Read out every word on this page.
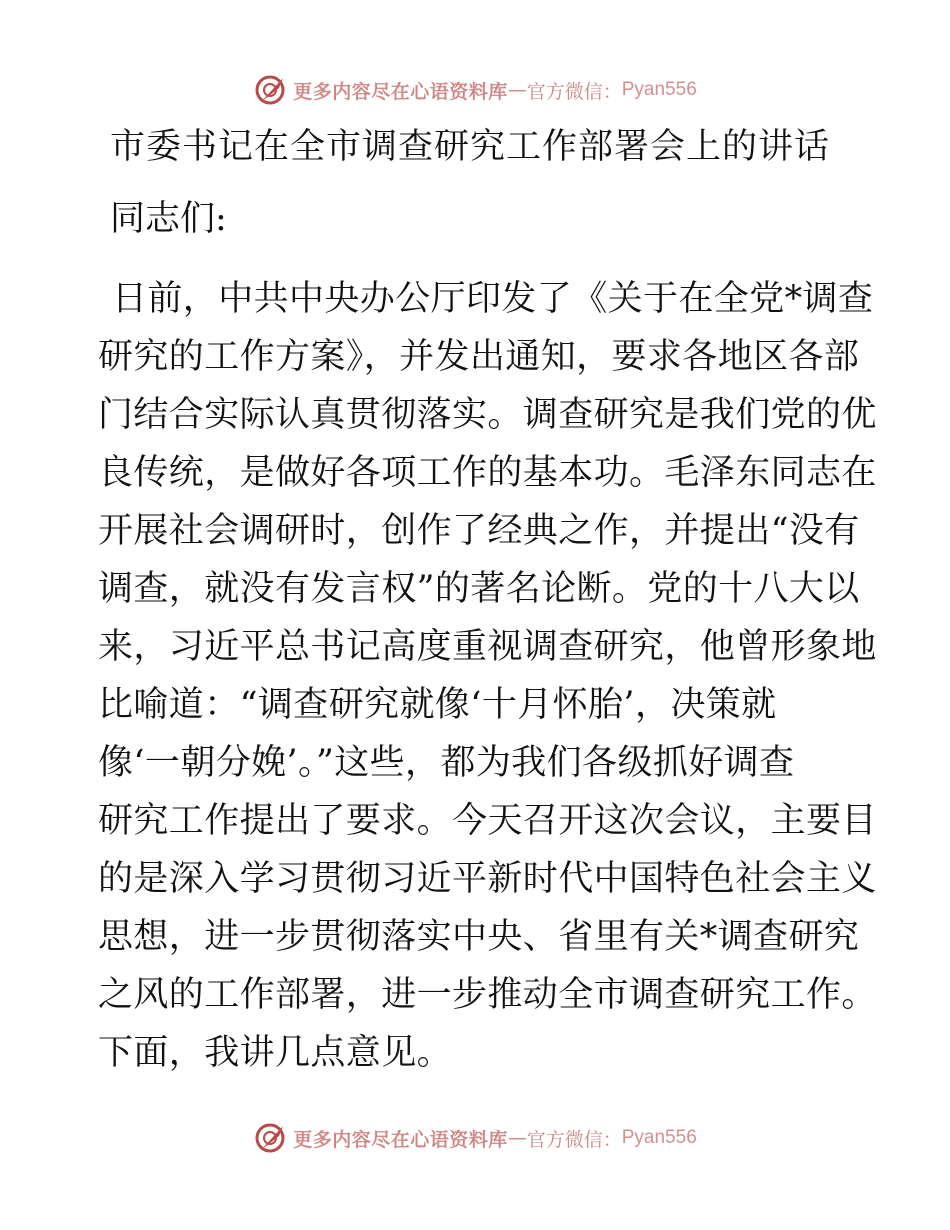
更多内容尽在心语资料库 — 官方微信： Pyan556
市委书记在全市调查研究工作部署会上的讲话
同志们:
日前，中共中央办公厅印发了《关于在全党*调查
研究的工作方案》，并发出通知，要求各地区各部
门结合实际认真贯彻落实。调查研究是我们党的优
良传统，是做好各项工作的基本功。毛泽东同志在
开展社会调研时，创作了经典之作，并提出“没有
调查，就没有发言权”的著名论断。党的十八大以
来，习近平总书记高度重视调查研究，他曾形象地
比喻道：“调查研究就像‘十月怀胎’，决策就
像‘一朝分娩’。”这些，都为我们各级抓好调查
研究工作提出了要求。今天召开这次会议，主要目
的是深入学习贯彻习近平新时代中国特色社会主义
思想，进一步贯彻落实中央、省里有关*调查研究
之风的工作部署，进一步推动全市调查研究工作。
下面，我讲几点意见。
更多内容尽在心语资料库 — 官方微信： Pyan556
